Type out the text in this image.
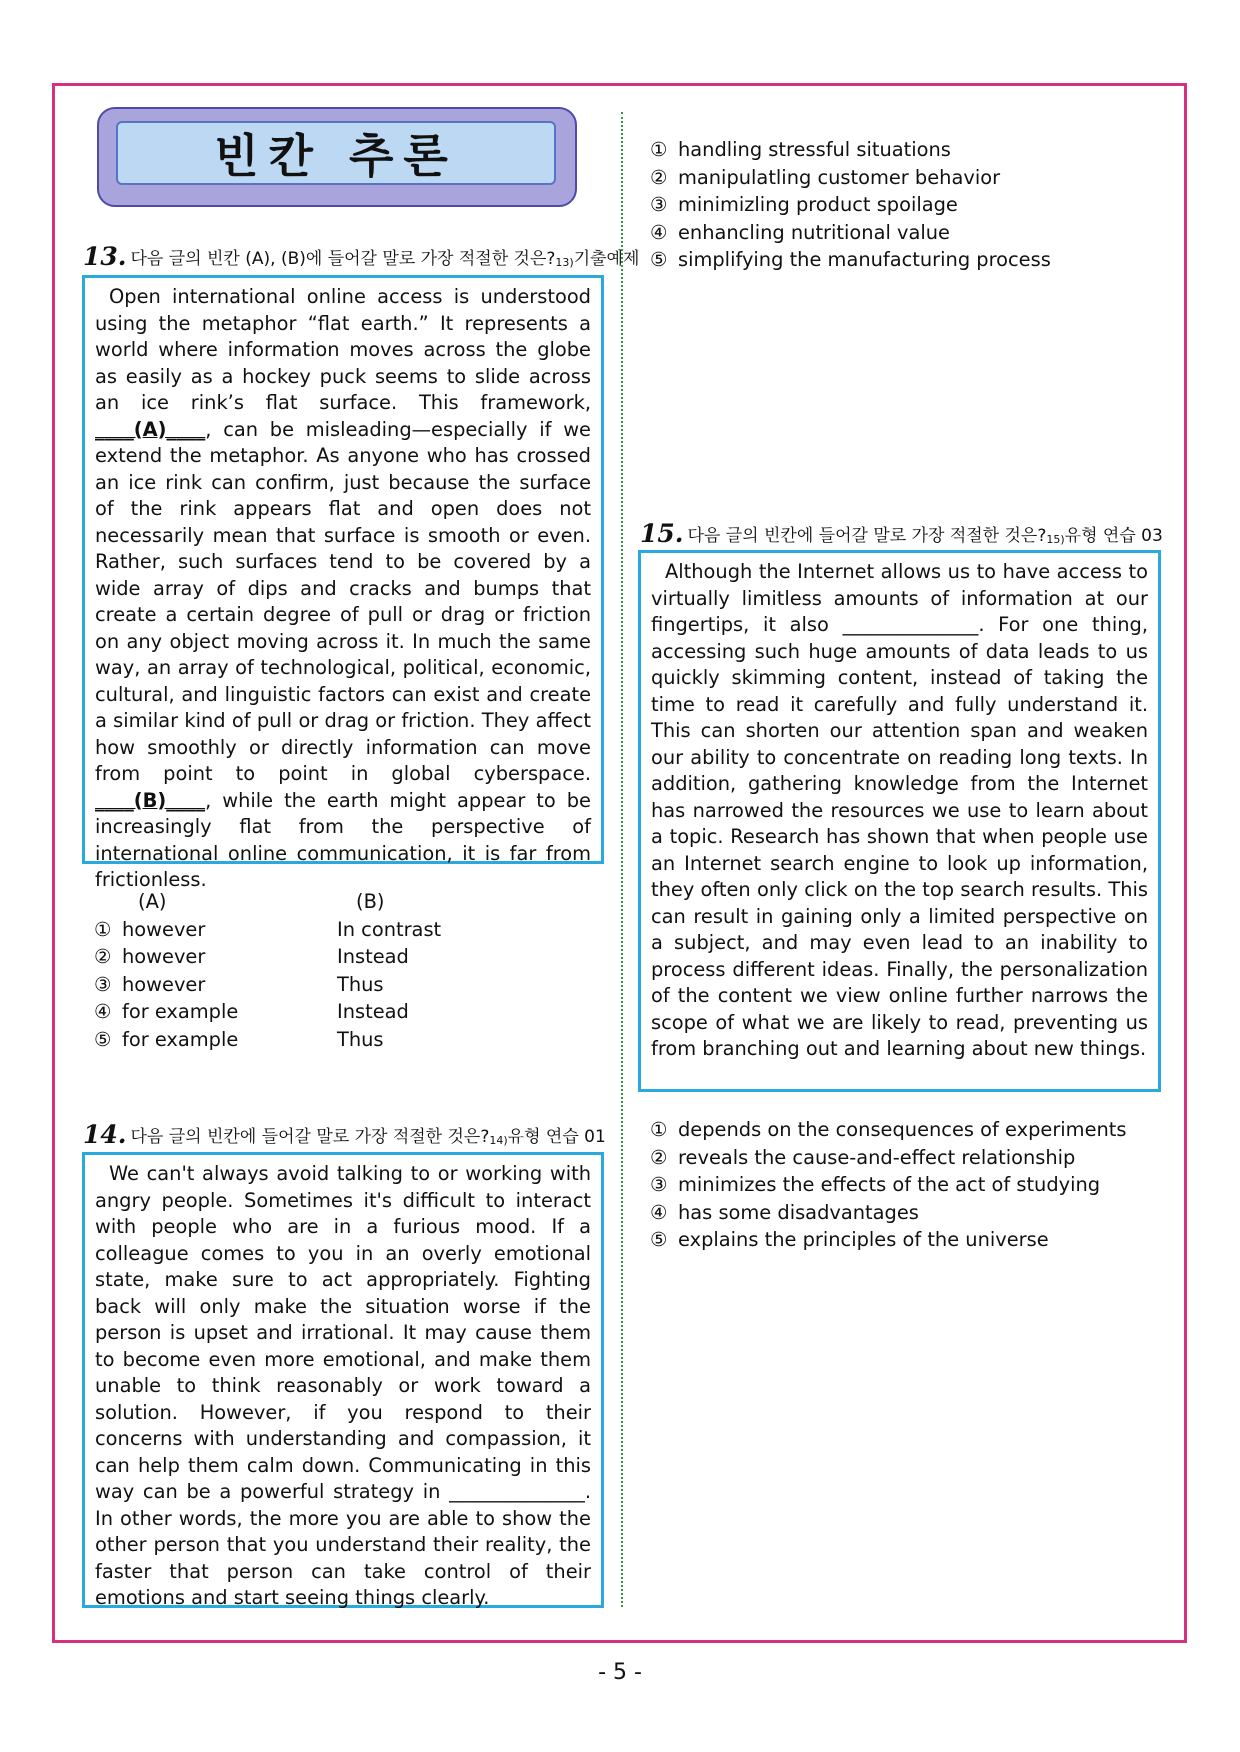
빈칸 추론
13. 다음 글의 빈칸 (A), (B)에 들어갈 말로 가장 적절한 것은$?_{13)}$ 기출예제

Open international online access is understood using the metaphor “flat earth.” It represents a world where information moves across the globe as easily as a hockey puck seems to slide across an ice rink’s flat surface. This framework, ____(A)____, can be misleading—especially if we extend the metaphor. As anyone who has crossed an ice rink can confirm, just because the surface of the rink appears flat and open does not necessarily mean that surface is smooth or even. Rather, such surfaces tend to be covered by a wide array of dips and cracks and bumps that create a certain degree of pull or drag or friction on any object moving across it. In much the same way, an array of technological, political, economic, cultural, and linguistic factors can exist and create a similar kind of pull or drag or friction. They affect how smoothly or directly information can move from point to point in global cyberspace. ____(B)____, while the earth might appear to be increasingly flat from the perspective of international online communication, it is far from frictionless.

(A)	(B)
① however	In contrast
② however	Instead
③ however	Thus
④ for example	Instead
⑤ for example	Thus
14. 다음 글의 빈칸에 들어갈 말로 가장 적절한 것은$?_{14)}$ 유형 연습 01

We can't always avoid talking to or working with angry people. Sometimes it's difficult to interact with people who are in a furious mood. If a colleague comes to you in an overly emotional state, make sure to act appropriately. Fighting back will only make the situation worse if the person is upset and irrational. It may cause them to become even more emotional, and make them unable to think reasonably or work toward a solution. However, if you respond to their concerns with understanding and compassion, it can help them calm down. Communicating in this way can be a powerful strategy in ______________. In other words, the more you are able to show the other person that you understand their reality, the faster that person can take control of their emotions and start seeing things clearly.

① handling stressful situations
② manipulatling customer behavior
③ minimizling product spoilage
④ enhancling nutritional value
⑤ simplifying the manufacturing process
15. 다음 글의 빈칸에 들어갈 말로 가장 적절한 것은$?_{15)}$ 유형 연습 03

Although the Internet allows us to have access to virtually limitless amounts of information at our fingertips, it also ______________. For one thing, accessing such huge amounts of data leads to us quickly skimming content, instead of taking the time to read it carefully and fully understand it. This can shorten our attention span and weaken our ability to concentrate on reading long texts. In addition, gathering knowledge from the Internet has narrowed the resources we use to learn about a topic. Research has shown that when people use an Internet search engine to look up information, they often only click on the top search results. This can result in gaining only a limited perspective on a subject, and may even lead to an inability to process different ideas. Finally, the personalization of the content we view online further narrows the scope of what we are likely to read, preventing us from branching out and learning about new things.

① depends on the consequences of experiments
② reveals the cause-and-effect relationship
③ minimizes the effects of the act of studying
④ has some disadvantages
⑤ explains the principles of the universe
- 5 -
